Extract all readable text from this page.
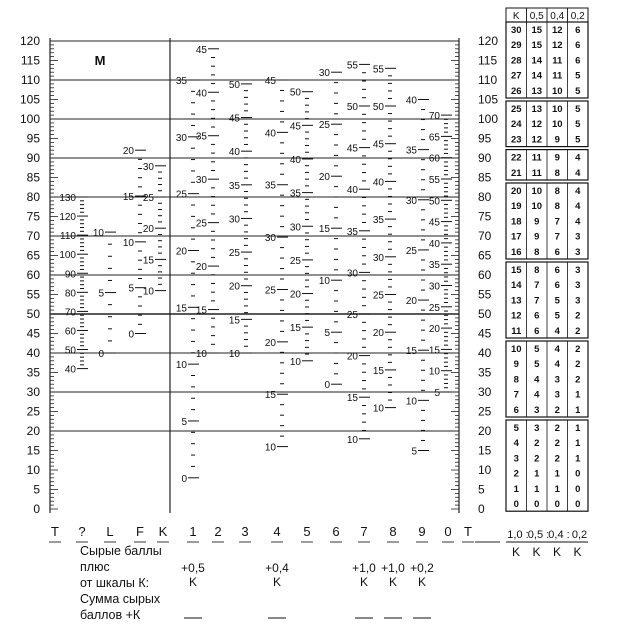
0	0
5	5
10	10
15	15
20	20
25	25
30	30
35	35
40	40
45	45
50	50
55	55
60	60
65	65
70	70
75	75
80	80
85	85
90	90
95	95
100	100
105	105
110	110
115	115
120	120
T ? L F K 1 2 3 4 5 6 7 8 9 0 T
M
130
120
110
100
90
80
70
60
50
40
10
5
0
20
15
10
5
0
30
25
20
15
10
35
30
25
20
15
10
5
0
45
40
35
30
25
20
15
10
50
45
40
35
30
25
20
15
10
45
40
35
30
25
20
15
10
50
45
40
35
30
25
20
15
10
30
25
20
15
10
5
0
55
50
45
40
35
30
25
20
15
10
55
50
45
40
35
30
25
20
15
10
40
35
30
25
20
15
10
5
70
65
60
55
50
45
40
35
30
25
20
15
10
5
+0,5
K
+0,4
K
+1,0
K
+1,0
K
+0,2
K
K 0,5 0,4 0,2
30 15 12 6
29 15 12 6
28 14 11 6
27 14 11 5
26 13 10 5
25 13 10 5
24 12 10 5
23 12 9 5
22 11 9 4
21 11 8 4
20 10 8 4
19 10 8 4
18 9 7 4
17 9 7 3
16 8 6 3
15 8 6 3
14 7 6 3
13 7 5 3
12 6 5 2
11 6 4 2
10 5 4 2
9 5 4 2
8 4 3 2
7 4 3 1
6 3 2 1
5 3 2 1
4 2 2 1
3 2 2 1
2 1 1 0
1 1 1 0
0 0 0 0
1,0 : 0,5 : 0,4 : 0,2
K K K K
Сырые баллы
плюс
от шкалы К:
Сумма сырых
баллов +К
